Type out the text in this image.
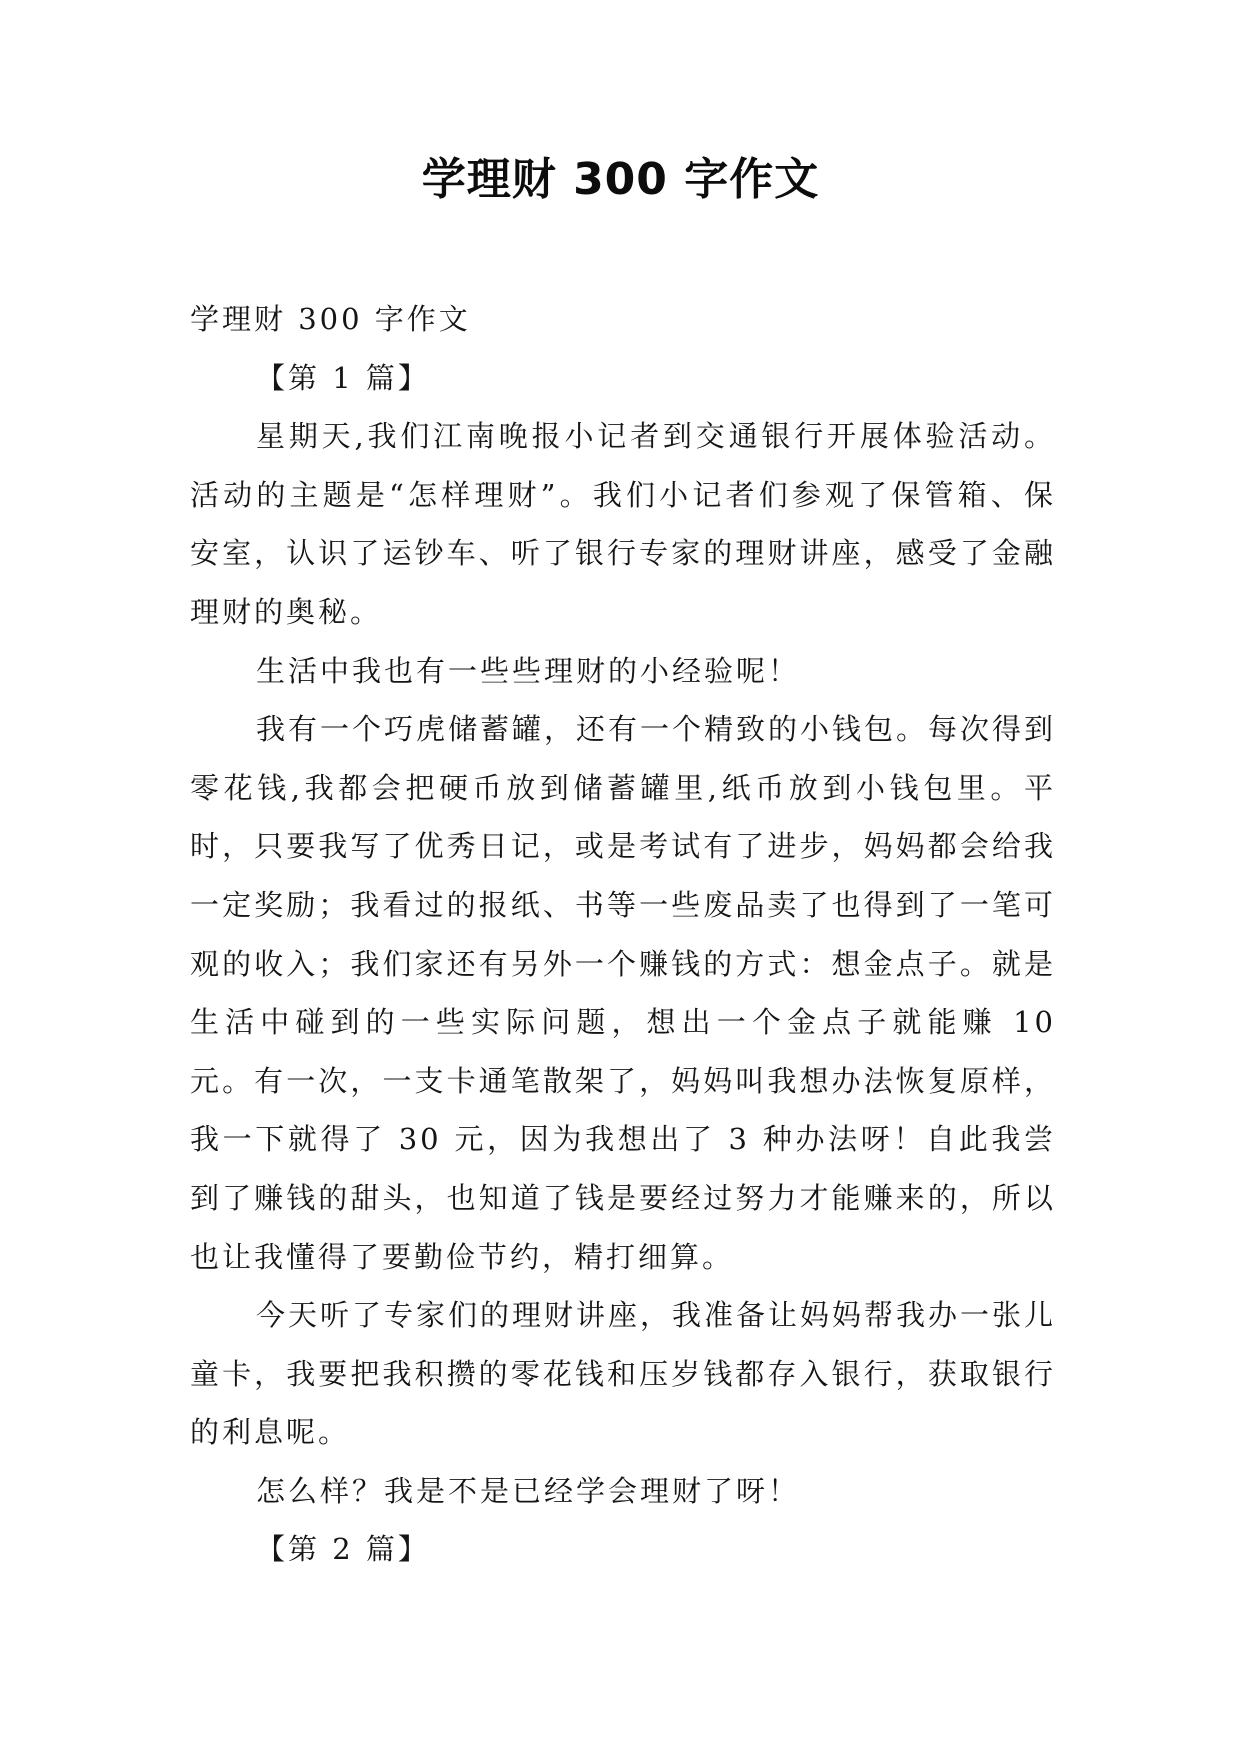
学理财 300 字作文

学理财 300 字作文

【第 1 篇】

星期天,我们江南晚报小记者到交通银行开展体验活动。活动的主题是“怎样理财”。我们小记者们参观了保管箱、保安室，认识了运钞车、听了银行专家的理财讲座，感受了金融理财的奥秘。

生活中我也有一些些理财的小经验呢！

我有一个巧虎储蓄罐，还有一个精致的小钱包。每次得到零花钱,我都会把硬币放到储蓄罐里,纸币放到小钱包里。平时，只要我写了优秀日记，或是考试有了进步，妈妈都会给我一定奖励；我看过的报纸、书等一些废品卖了也得到了一笔可观的收入；我们家还有另外一个赚钱的方式：想金点子。就是生活中碰到的一些实际问题，想出一个金点子就能赚 10 元。有一次，一支卡通笔散架了，妈妈叫我想办法恢复原样，我一下就得了 30 元，因为我想出了 3 种办法呀！自此我尝到了赚钱的甜头，也知道了钱是要经过努力才能赚来的，所以也让我懂得了要勤俭节约，精打细算。

今天听了专家们的理财讲座，我准备让妈妈帮我办一张儿童卡，我要把我积攒的零花钱和压岁钱都存入银行，获取银行的利息呢。

怎么样？我是不是已经学会理财了呀！

【第 2 篇】
